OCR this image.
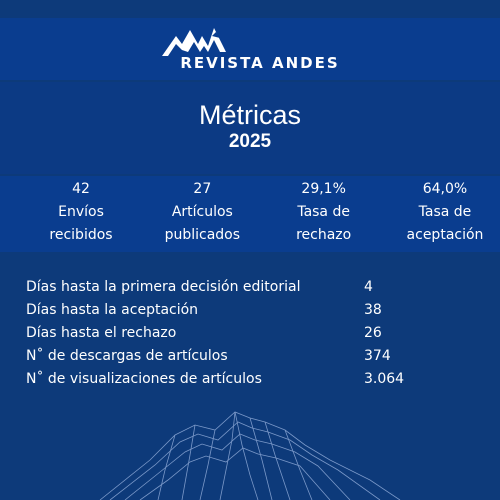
REVISTA ANDES
Métricas
2025
42
Envíos recibidos
27
Artículos publicados
29,1%
Tasa de rechazo
64,0%
Tasa de aceptación
Días hasta la primera decisión editorial	4
Días hasta la aceptación	38
Días hasta el rechazo	26
N˚ de descargas de artículos	374
N˚ de visualizaciones de artículos	3.064
